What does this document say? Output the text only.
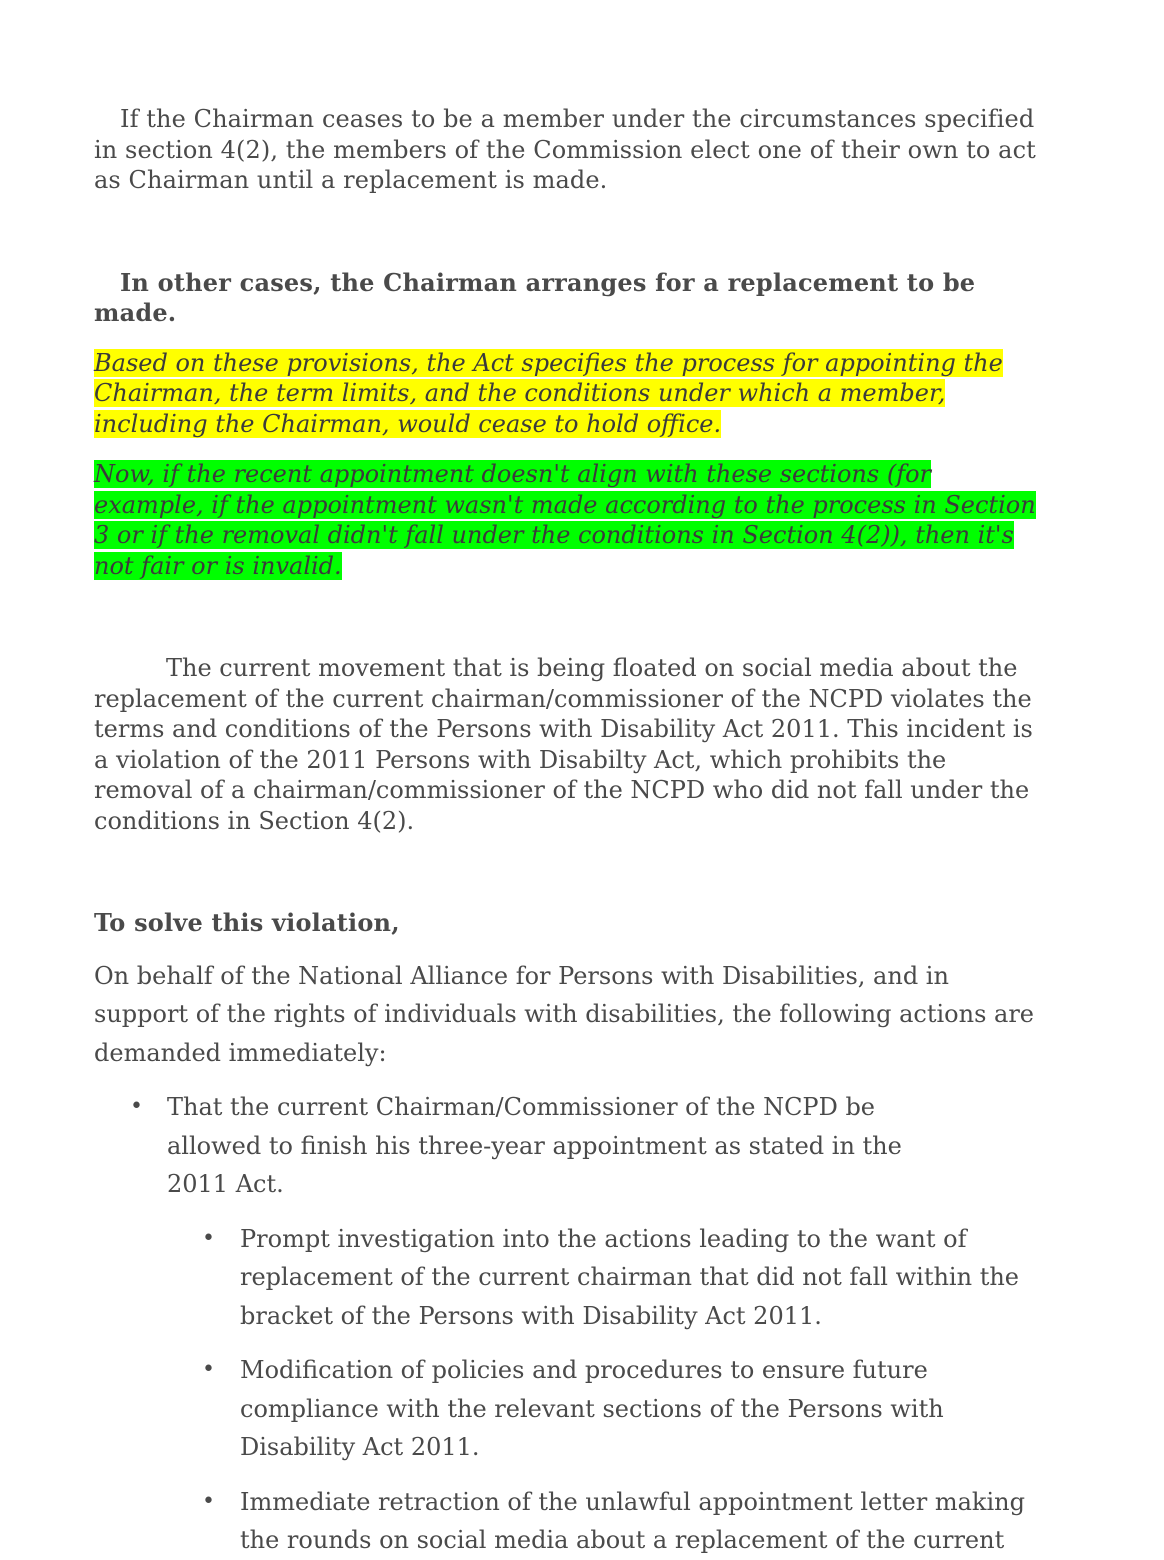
If the Chairman ceases to be a member under the circumstances specified in section 4(2), the members of the Commission elect one of their own to act as Chairman until a replacement is made.

In other cases, the Chairman arranges for a replacement to be made.

Based on these provisions, the Act specifies the process for appointing the Chairman, the term limits, and the conditions under which a member, including the Chairman, would cease to hold office.

Now, if the recent appointment doesn't align with these sections (for example, if the appointment wasn't made according to the process in Section 3 or if the removal didn't fall under the conditions in Section 4(2)), then it's not fair or is invalid.

The current movement that is being floated on social media about the replacement of the current chairman/commissioner of the NCPD violates the terms and conditions of the Persons with Disability Act 2011. This incident is a violation of the 2011 Persons with Disabilty Act, which prohibits the removal of a chairman/commissioner of the NCPD who did not fall under the conditions in Section 4(2).

To solve this violation,

On behalf of the National Alliance for Persons with Disabilities, and in support of the rights of individuals with disabilities, the following actions are demanded immediately:

• That the current Chairman/Commissioner of the NCPD be allowed to finish his three-year appointment as stated in the 2011 Act.
• Prompt investigation into the actions leading to the want of replacement of the current chairman that did not fall within the bracket of the Persons with Disability Act 2011.
• Modification of policies and procedures to ensure future compliance with the relevant sections of the Persons with Disability Act 2011.
• Immediate retraction of the unlawful appointment letter making the rounds on social media about a replacement of the current
